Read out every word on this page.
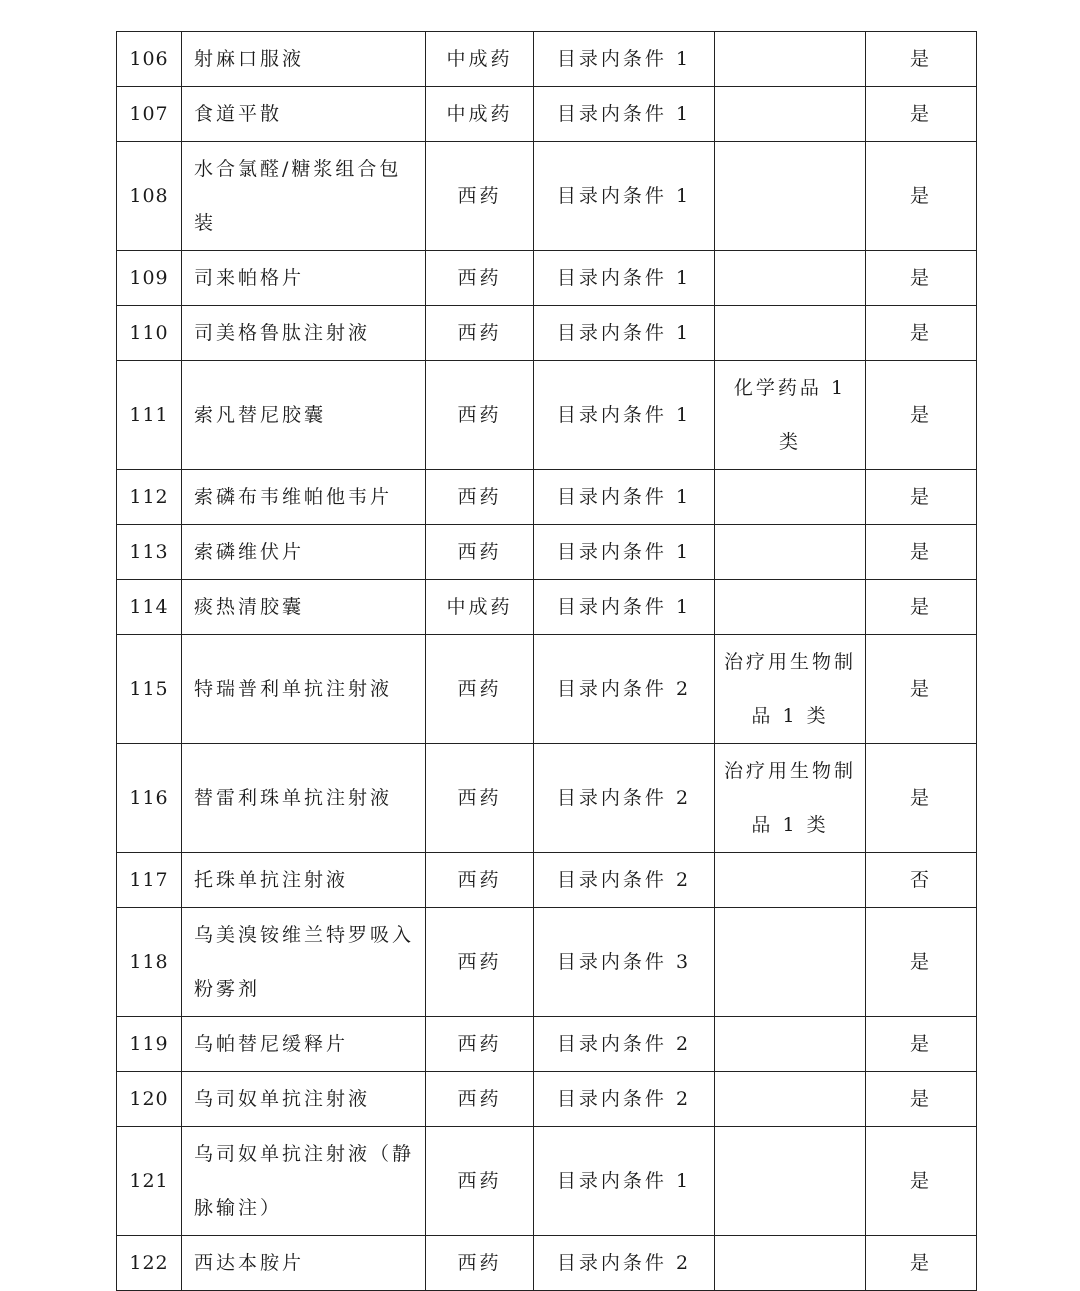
106	射麻口服液	中成药	目录内条件 1		是
107	食道平散	中成药	目录内条件 1		是
108	水合氯醛/糖浆组合包装	西药	目录内条件 1		是
109	司来帕格片	西药	目录内条件 1		是
110	司美格鲁肽注射液	西药	目录内条件 1		是
111	索凡替尼胶囊	西药	目录内条件 1	化学药品 1 类	是
112	索磷布韦维帕他韦片	西药	目录内条件 1		是
113	索磷维伏片	西药	目录内条件 1		是
114	痰热清胶囊	中成药	目录内条件 1		是
115	特瑞普利单抗注射液	西药	目录内条件 2	治疗用生物制品 1 类	是
116	替雷利珠单抗注射液	西药	目录内条件 2	治疗用生物制品 1 类	是
117	托珠单抗注射液	西药	目录内条件 2		否
118	乌美溴铵维兰特罗吸入粉雾剂	西药	目录内条件 3		是
119	乌帕替尼缓释片	西药	目录内条件 2		是
120	乌司奴单抗注射液	西药	目录内条件 2		是
121	乌司奴单抗注射液（静脉输注）	西药	目录内条件 1		是
122	西达本胺片	西药	目录内条件 2		是
